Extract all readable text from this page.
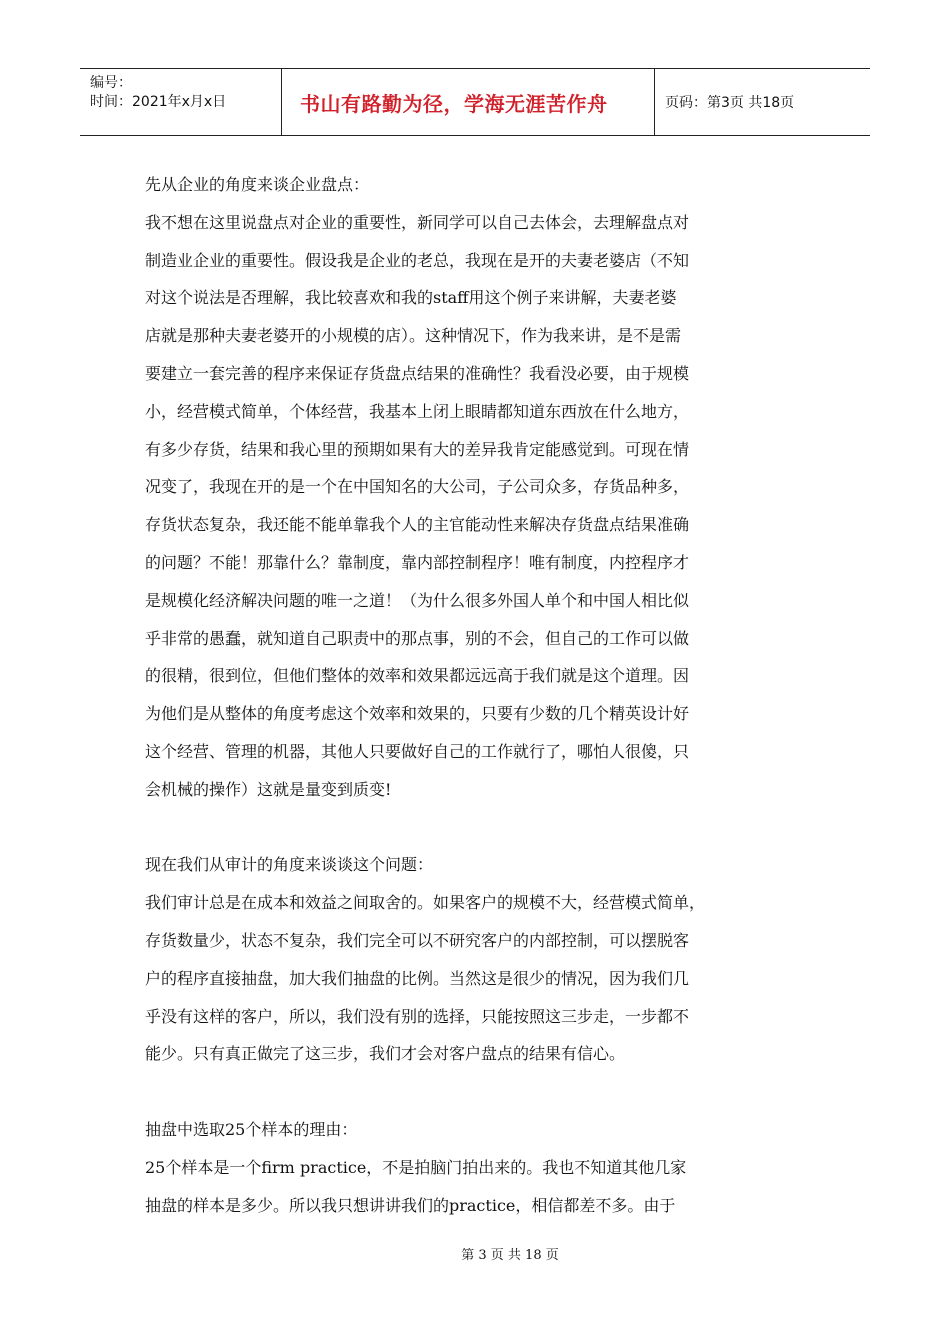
编号：
时间：2021年x月x日	书山有路勤为径，学海无涯苦作舟	页码：第3页 共18页

先从企业的角度来谈企业盘点：

我不想在这里说盘点对企业的重要性，新同学可以自己去体会，去理解盘点对

制造业企业的重要性。假设我是企业的老总，我现在是开的夫妻老婆店（不知

对这个说法是否理解，我比较喜欢和我的staff用这个例子来讲解，夫妻老婆

店就是那种夫妻老婆开的小规模的店）。这种情况下，作为我来讲，是不是需

要建立一套完善的程序来保证存货盘点结果的准确性？我看没必要，由于规模

小，经营模式简单，个体经营，我基本上闭上眼睛都知道东西放在什么地方，

有多少存货，结果和我心里的预期如果有大的差异我肯定能感觉到。可现在情

况变了，我现在开的是一个在中国知名的大公司，子公司众多，存货品种多，

存货状态复杂，我还能不能单靠我个人的主官能动性来解决存货盘点结果准确

的问题？不能！那靠什么？靠制度，靠内部控制程序！唯有制度，内控程序才

是规模化经济解决问题的唯一之道！（为什么很多外国人单个和中国人相比似

乎非常的愚蠢，就知道自己职责中的那点事，别的不会，但自己的工作可以做

的很精，很到位，但他们整体的效率和效果都远远高于我们就是这个道理。因

为他们是从整体的角度考虑这个效率和效果的，只要有少数的几个精英设计好

这个经营、管理的机器，其他人只要做好自己的工作就行了，哪怕人很傻，只

会机械的操作）这就是量变到质变!

现在我们从审计的角度来谈谈这个问题：

我们审计总是在成本和效益之间取舍的。如果客户的规模不大，经营模式简单，

存货数量少，状态不复杂，我们完全可以不研究客户的内部控制，可以摆脱客

户的程序直接抽盘，加大我们抽盘的比例。当然这是很少的情况，因为我们几

乎没有这样的客户，所以，我们没有别的选择，只能按照这三步走，一步都不

能少。只有真正做完了这三步，我们才会对客户盘点的结果有信心。

抽盘中选取25个样本的理由：

25个样本是一个firm practice，不是拍脑门拍出来的。我也不知道其他几家

抽盘的样本是多少。所以我只想讲讲我们的practice，相信都差不多。由于

第 3 页 共 18 页
